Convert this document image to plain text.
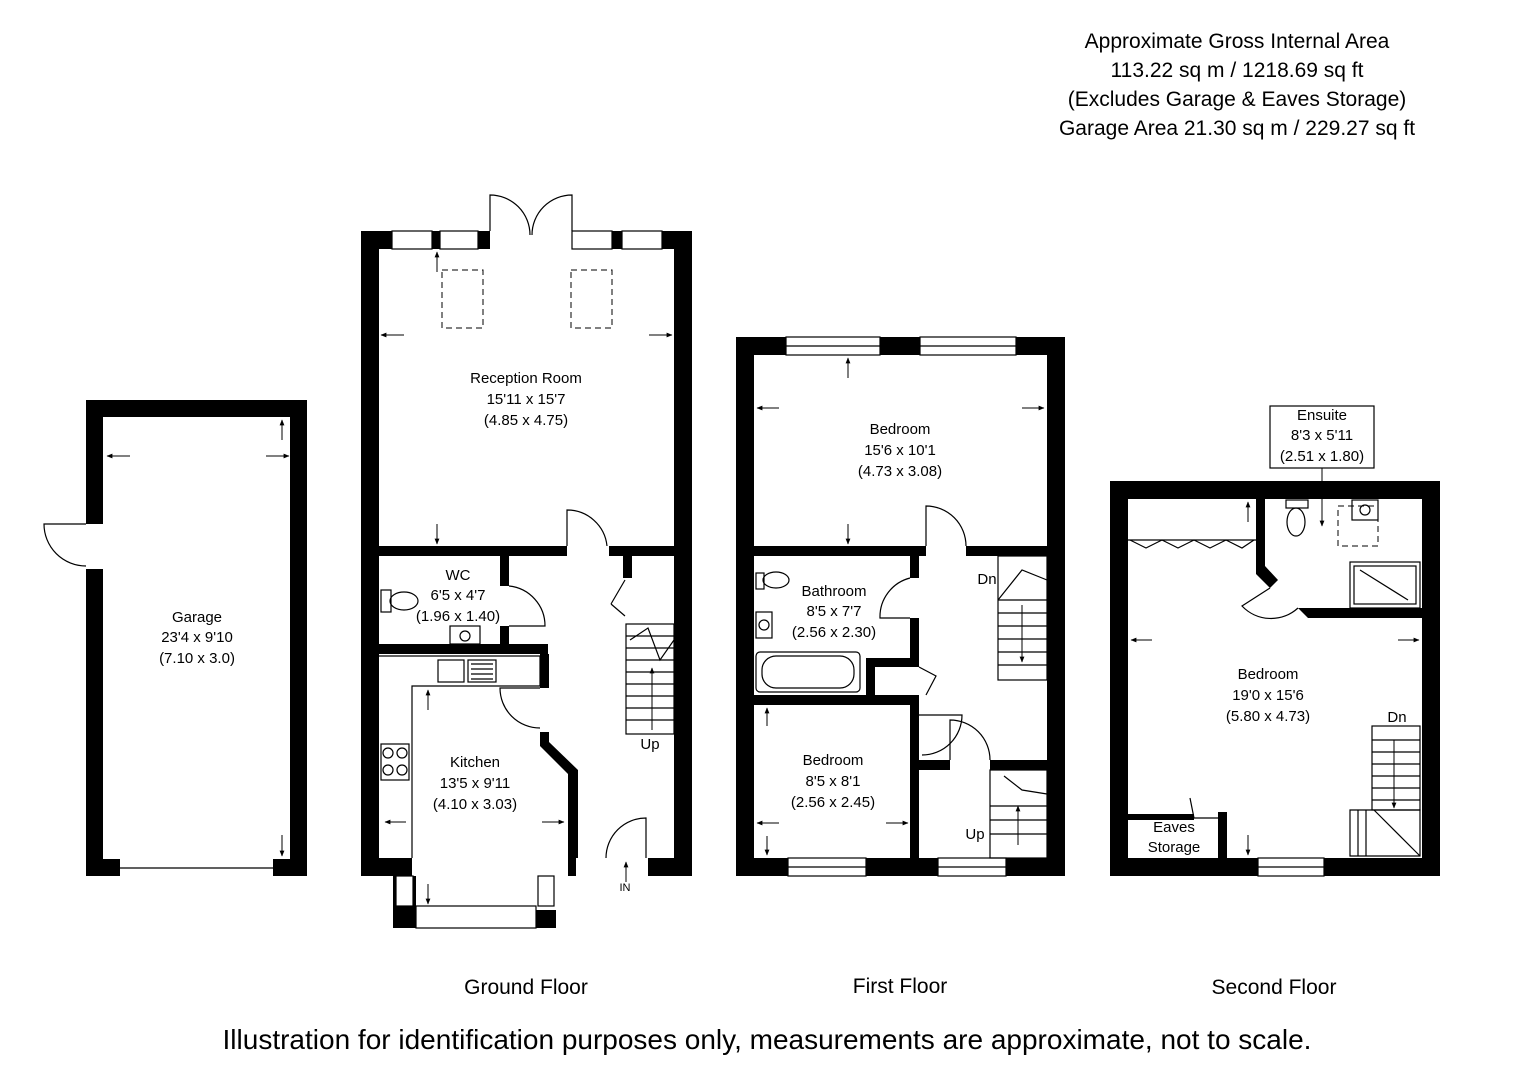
Approximate Gross Internal Area
113.22 sq m / 1218.69 sq ft
(Excludes Garage & Eaves Storage)
Garage Area 21.30 sq m / 229.27 sq ft
Garage
23'4 x 9'10
(7.10 x 3.0)
Reception Room
15'11 x 15'7
(4.85 x 4.75)
WC
6'5 x 4'7
(1.96 x 1.40)
Kitchen
13'5 x 9'11
(4.10 x 3.03)
Up
IN
Bedroom
15'6 x 10'1
(4.73 x 3.08)
Bathroom
8'5 x 7'7
(2.56 x 2.30)
Bedroom
8'5 x 8'1
(2.56 x 2.45)
Dn
Up
Ensuite
8'3 x 5'11
(2.51 x 1.80)
Bedroom
19'0 x 15'6
(5.80 x 4.73)	Dn
Eaves
Storage
Ground Floor	First Floor	Second Floor
Illustration for identification purposes only, measurements are approximate, not to scale.
